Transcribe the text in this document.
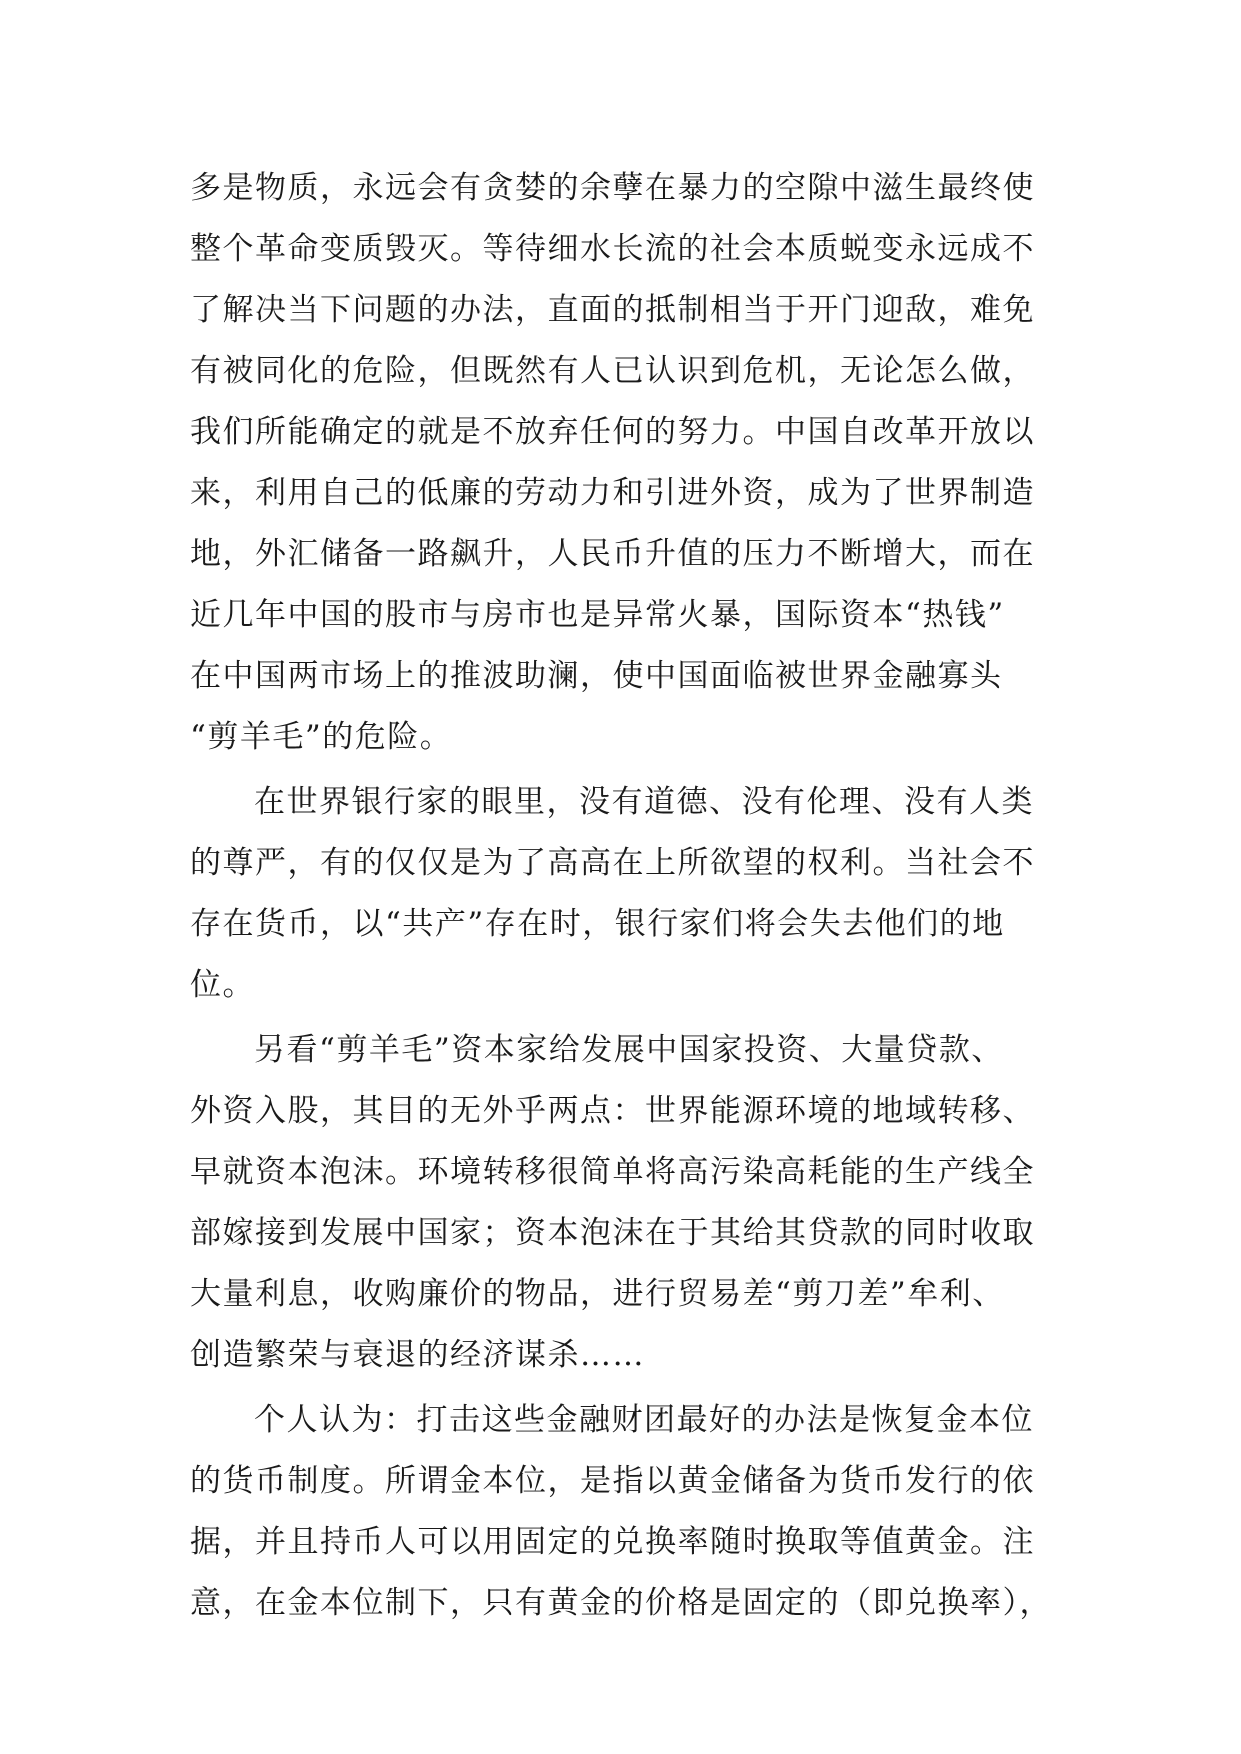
多是物质，永远会有贪婪的余孽在暴力的空隙中滋生最终使
整个革命变质毁灭。等待细水长流的社会本质蜕变永远成不
了解决当下问题的办法，直面的抵制相当于开门迎敌，难免
有被同化的危险，但既然有人已认识到危机，无论怎么做，
我们所能确定的就是不放弃任何的努力。中国自改革开放以
来，利用自己的低廉的劳动力和引进外资，成为了世界制造
地，外汇储备一路飙升，人民币升值的压力不断增大，而在
近几年中国的股市与房市也是异常火暴，国际资本“热钱”
在中国两市场上的推波助澜，使中国面临被世界金融寡头
“剪羊毛”的危险。
在世界银行家的眼里，没有道德、没有伦理、没有人类
的尊严，有的仅仅是为了高高在上所欲望的权利。当社会不
存在货币，以“共产”存在时，银行家们将会失去他们的地
位。
另看“剪羊毛”资本家给发展中国家投资、大量贷款、
外资入股，其目的无外乎两点：世界能源环境的地域转移、
早就资本泡沫。环境转移很简单将高污染高耗能的生产线全
部嫁接到发展中国家；资本泡沫在于其给其贷款的同时收取
大量利息，收购廉价的物品，进行贸易差“剪刀差”牟利、
创造繁荣与衰退的经济谋杀……
个人认为：打击这些金融财团最好的办法是恢复金本位
的货币制度。所谓金本位，是指以黄金储备为货币发行的依
据，并且持币人可以用固定的兑换率随时换取等值黄金。注
意，在金本位制下，只有黄金的价格是固定的（即兑换率），
